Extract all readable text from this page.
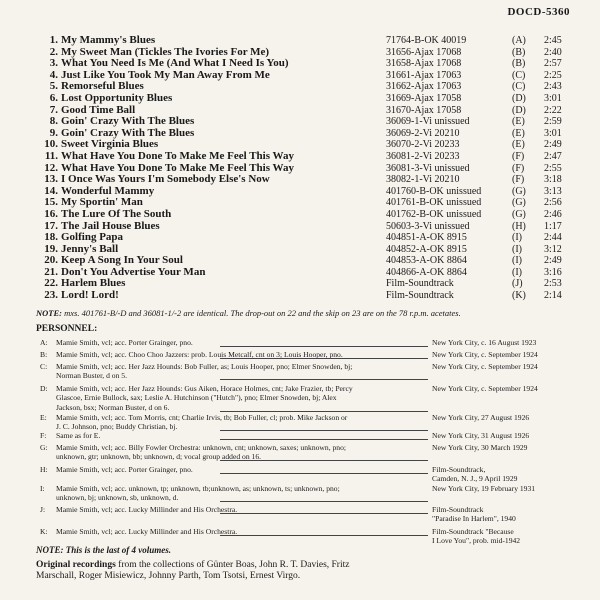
DOCD-5360
1. My Mammy's Blues	71764-B-OK 40019	(A) 2:45
2. My Sweet Man (Tickles The Ivories For Me)	31656-Ajax 17068	(B) 2:40
3. What You Need Is Me (And What I Need Is You)	31658-Ajax 17068	(B) 2:57
4. Just Like You Took My Man Away From Me	31661-Ajax 17063	(C) 2:25
5. Remorseful Blues	31662-Ajax 17063	(C) 2:43
6. Lost Opportunity Blues	31669-Ajax 17058	(D) 3:01
7. Good Time Ball	31670-Ajax 17058	(D) 2:22
8. Goin' Crazy With The Blues	36069-1-Vi unissued	(E) 2:59
9. Goin' Crazy With The Blues	36069-2-Vi 20210	(E) 3:01
10. Sweet Virginia Blues	36070-2-Vi 20233	(E) 2:49
11. What Have You Done To Make Me Feel This Way	36081-2-Vi 20233	(F) 2:47
12. What Have You Done To Make Me Feel This Way	36081-3-Vi unissued	(F) 2:55
13. I Once Was Yours I'm Somebody Else's Now	38082-1-Vi 20210	(F) 3:18
14. Wonderful Mammy	401760-B-OK unissued	(G) 3:13
15. My Sportin' Man	401761-B-OK unissued	(G) 2:56
16. The Lure Of The South	401762-B-OK unissued	(G) 2:46
17. The Jail House Blues	50603-3-Vi unissued	(H) 1:17
18. Golfing Papa	404851-A-OK 8915	(I) 2:44
19. Jenny's Ball	404852-A-OK 8915	(I) 3:12
20. Keep A Song In Your Soul	404853-A-OK 8864	(I) 2:49
21. Don't You Advertise Your Man	404866-A-OK 8864	(I) 3:16
22. Harlem Blues	Film-Soundtrack	(J) 2:53
23. Lord! Lord!	Film-Soundtrack	(K) 2:14
NOTE: mxs. 401761-B/-D and 36081-1/-2 are identical. The drop-out on 22 and the skip on 23 are on the 78 r.p.m. acetates.
PERSONNEL:
A: Mamie Smith, vcl; acc. Porter Grainger, pno.	New York City, c. 16 August 1923
B: Mamie Smith, vcl; acc. Choo Choo Jazzers: prob. Louis Metcalf, cnt on 3; Louis Hooper, pno.	New York City, c. September 1924
C: Mamie Smith, vcl; acc. Her Jazz Hounds: Bob Fuller, as; Louis Hooper, pno; Elmer Snowden, bj;
Norman Buster, d on 5.
New York City, c. September 1924
D: Mamie Smith, vcl; acc. Her Jazz Hounds: Gus Aiken, Horace Holmes, cnt; Jake Frazier, tb; Percy
Glascoe, Ernie Bullock, sax; Leslie A. Hutchinson ("Hutch"), pno; Elmer Snowden, bj; Alex
Jackson, bsx; Norman Buster, d on 6.
New York City, c. September 1924
E: Mamie Smith, vcl; acc. Tom Morris, cnt; Charlie Irvis, tb; Bob Fuller, cl; prob. Mike Jackson or
J. C. Johnson, pno; Buddy Christian, bj.
New York City, 27 August 1926
F: Same as for E.	New York City, 31 August 1926
G: Mamie Smith, vcl; acc. Billy Fowler Orchestra: unknown, cnt; unknown, saxes; unknown, pno;
unknown, gtr; unknown, bb; unknown, d; vocal group added on 16.
New York City, 30 March 1929
H: Mamie Smith, vcl; acc. Porter Grainger, pno.	Film-Soundtrack,
Camden, N. J., 9 April 1929
I: Mamie Smith, vcl; acc. unknown, tp; unknown, tb;unknown, as; unknown, ts; unknown, pno;
unknown, bj; unknown, sb, unknown, d.
New York City, 19 February 1931
J: Mamie Smith, vcl; acc. Lucky Millinder and His Orchestra.	Film-Soundtrack
"Paradise In Harlem", 1940
K: Mamie Smith, vcl; acc. Lucky Millinder and His Orchestra.	Film-Soundtrack "Because
I Love You", prob. mid-1942
NOTE: This is the last of 4 volumes.
Original recordings from the collections of Günter Boas, John R. T. Davies, Fritz Marschall, Roger Misiewicz, Johnny Parth, Tom Tsotsi, Ernest Virgo.
